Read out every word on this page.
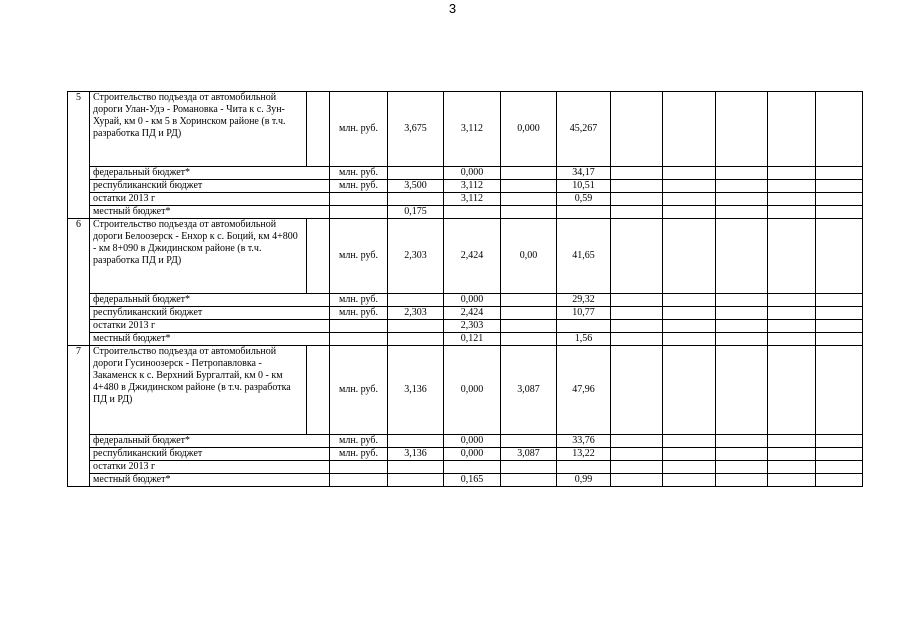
3
5	Строительство подъезда от автомобильной дороги Улан-Удэ - Романовка - Чита к с. Зун-Хурай, км 0 - км 5 в Хоринском районе (в т.ч. разработка ПД и РД)		млн. руб.	3,675	3,112	0,000	45,267					
	федеральный бюджет*		млн. руб.		0,000		34,17					
	республиканский бюджет		млн. руб.	3,500	3,112		10,51					
	остатки 2013 г				3,112		0,59					
	местный бюджет*			0,175								
6	Строительство подъезда от автомобильной дороги Белоозерск - Енхор к с. Боций, км 4+800 - км 8+090 в Джидинском районе (в т.ч. разработка ПД и РД)		млн. руб.	2,303	2,424	0,00	41,65					
	федеральный бюджет*		млн. руб.		0,000		29,32					
	республиканский бюджет		млн. руб.	2,303	2,424		10,77					
	остатки 2013 г				2,303							
	местный бюджет*				0,121		1,56					
7	Строительство подъезда от автомобильной дороги Гусиноозерск - Петропавловка - Закаменск к с. Верхний Бургалтай, км 0 - км 4+480 в Джидинском районе (в т.ч. разработка ПД и РД)		млн. руб.	3,136	0,000	3,087	47,96					
	федеральный бюджет*		млн. руб.		0,000		33,76					
	республиканский бюджет		млн. руб.	3,136	0,000	3,087	13,22					
	остатки 2013 г											
	местный бюджет*				0,165		0,99					
